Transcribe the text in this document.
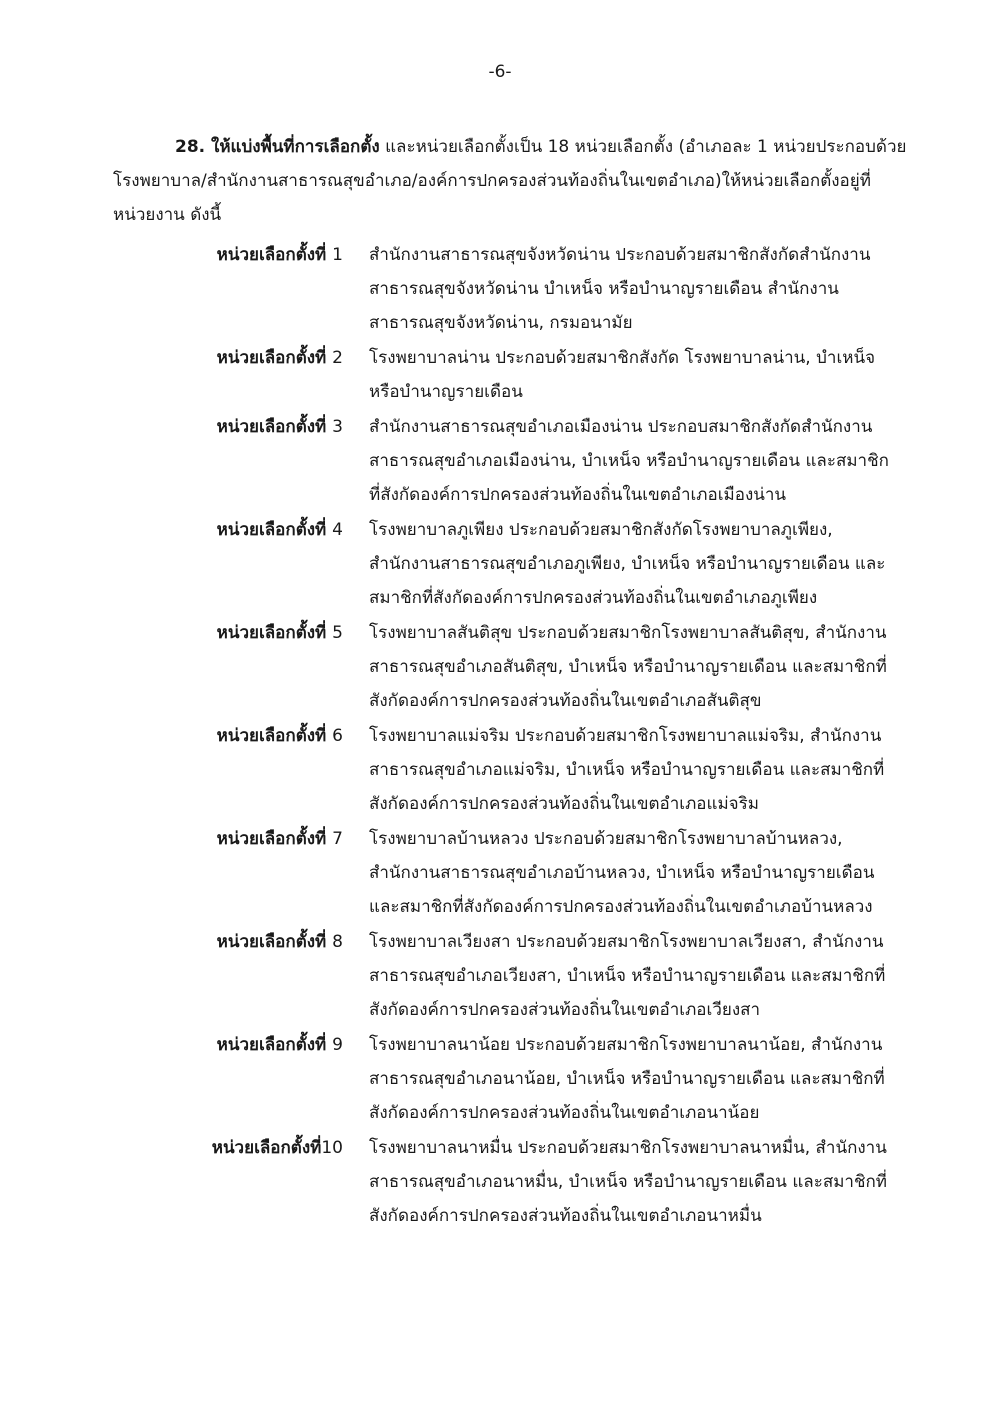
-6-

28. ให้แบ่งพื้นที่การเลือกตั้ง และหน่วยเลือกตั้งเป็น 18 หน่วยเลือกตั้ง (อำเภอละ 1 หน่วยประกอบด้วย

โรงพยาบาล/สำนักงานสาธารณสุขอำเภอ/องค์การปกครองส่วนท้องถิ่นในเขตอำเภอ)ให้หน่วยเลือกตั้งอยู่ที่
หน่วยงาน ดังนี้
หน่วยเลือกตั้งที่ 1	สำนักงานสาธารณสุขจังหวัดน่าน ประกอบด้วยสมาชิกสังกัดสำนักงาน
สาธารณสุขจังหวัดน่าน บำเหน็จ หรือบำนาญรายเดือน สำนักงาน
สาธารณสุขจังหวัดน่าน, กรมอนามัย
หน่วยเลือกตั้งที่ 2	โรงพยาบาลน่าน ประกอบด้วยสมาชิกสังกัด โรงพยาบาลน่าน, บำเหน็จ
หรือบำนาญรายเดือน
หน่วยเลือกตั้งที่ 3	สำนักงานสาธารณสุขอำเภอเมืองน่าน ประกอบสมาชิกสังกัดสำนักงาน
สาธารณสุขอำเภอเมืองน่าน, บำเหน็จ หรือบำนาญรายเดือน และสมาชิก
ที่สังกัดองค์การปกครองส่วนท้องถิ่นในเขตอำเภอเมืองน่าน
หน่วยเลือกตั้งที่ 4	โรงพยาบาลภูเพียง ประกอบด้วยสมาชิกสังกัดโรงพยาบาลภูเพียง,
สำนักงานสาธารณสุขอำเภอภูเพียง, บำเหน็จ หรือบำนาญรายเดือน และ
สมาชิกที่สังกัดองค์การปกครองส่วนท้องถิ่นในเขตอำเภอภูเพียง
หน่วยเลือกตั้งที่ 5	โรงพยาบาลสันติสุข ประกอบด้วยสมาชิกโรงพยาบาลสันติสุข, สำนักงาน
สาธารณสุขอำเภอสันติสุข, บำเหน็จ หรือบำนาญรายเดือน และสมาชิกที่
สังกัดองค์การปกครองส่วนท้องถิ่นในเขตอำเภอสันติสุข
หน่วยเลือกตั้งที่ 6	โรงพยาบาลแม่จริม ประกอบด้วยสมาชิกโรงพยาบาลแม่จริม, สำนักงาน
สาธารณสุขอำเภอแม่จริม, บำเหน็จ หรือบำนาญรายเดือน และสมาชิกที่
สังกัดองค์การปกครองส่วนท้องถิ่นในเขตอำเภอแม่จริม
หน่วยเลือกตั้งที่ 7	โรงพยาบาลบ้านหลวง ประกอบด้วยสมาชิกโรงพยาบาลบ้านหลวง,
สำนักงานสาธารณสุขอำเภอบ้านหลวง, บำเหน็จ หรือบำนาญรายเดือน
และสมาชิกที่สังกัดองค์การปกครองส่วนท้องถิ่นในเขตอำเภอบ้านหลวง
หน่วยเลือกตั้งที่ 8	โรงพยาบาลเวียงสา ประกอบด้วยสมาชิกโรงพยาบาลเวียงสา, สำนักงาน
สาธารณสุขอำเภอเวียงสา, บำเหน็จ หรือบำนาญรายเดือน และสมาชิกที่
สังกัดองค์การปกครองส่วนท้องถิ่นในเขตอำเภอเวียงสา
หน่วยเลือกตั้งที่ 9	โรงพยาบาลนาน้อย ประกอบด้วยสมาชิกโรงพยาบาลนาน้อย, สำนักงาน
สาธารณสุขอำเภอนาน้อย, บำเหน็จ หรือบำนาญรายเดือน และสมาชิกที่
สังกัดองค์การปกครองส่วนท้องถิ่นในเขตอำเภอนาน้อย
หน่วยเลือกตั้งที่10	โรงพยาบาลนาหมื่น ประกอบด้วยสมาชิกโรงพยาบาลนาหมื่น, สำนักงาน
สาธารณสุขอำเภอนาหมื่น, บำเหน็จ หรือบำนาญรายเดือน และสมาชิกที่
สังกัดองค์การปกครองส่วนท้องถิ่นในเขตอำเภอนาหมื่น
